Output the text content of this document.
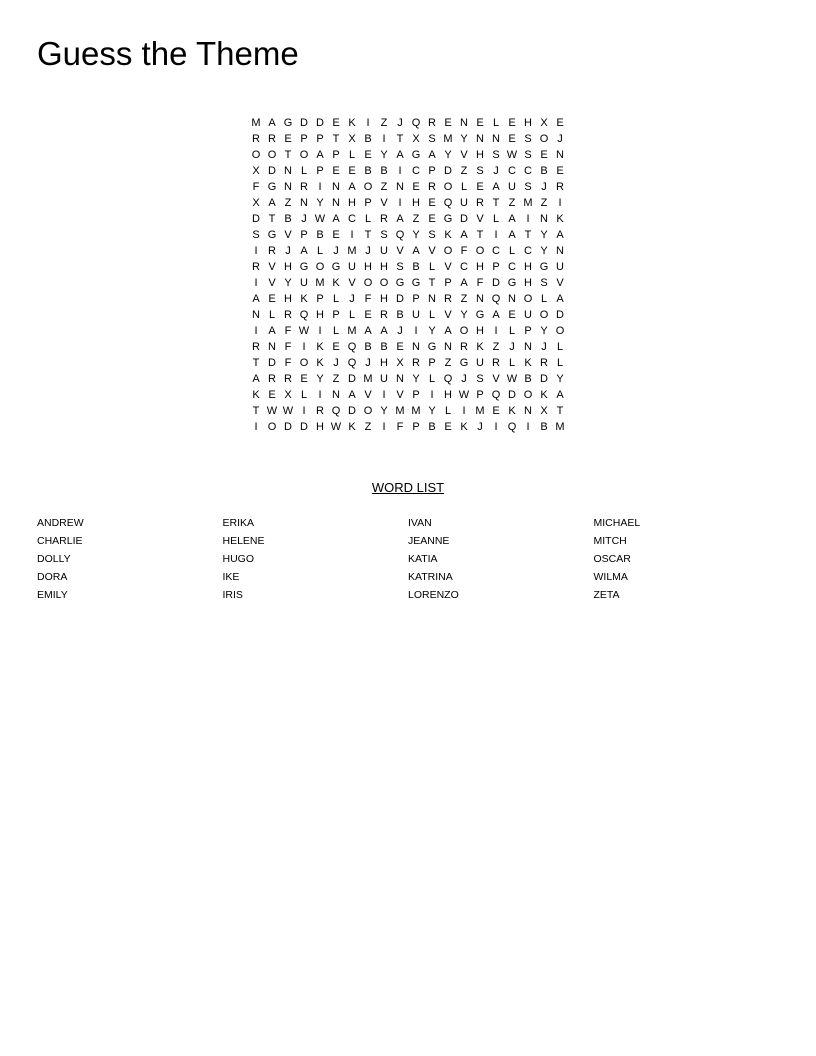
Guess the Theme
M A G D D E K I	Z J Q R E N E L E H X E
R R E P P T X B I	T X S M Y N N E S O J
O O T O A P L E Y A G A Y V H S W S E N
X D N L P E E B B I C P D Z S J C C B E
F G N R I N A O Z N E R O L E A U S J R
X A Z N Y N H P V I H E Q U R T Z M Z	I
D T B J W A C L R A Z E G D V L A I N K
S G V P B E I	T S Q Y S K A T	I A T Y A
I R J A L J M J U V A V O F O C L C Y N
R V H G O G U H H S B L V C H P C H G U
I V Y U M K V O O G G T P A F D G H S V
A E H K P L J F H D P N R Z N Q N O L A
N L R Q H P L E R B U L V Y G A E U O D
I A F W I	L M A A J	I Y A O H I	L P Y O
R N F	I K E Q B B E N G N R K Z J N J L
T D F O K J Q J H X R P Z G U R L K R L
A R R E Y Z D M U N Y L Q J S V W B D Y
K E X L	I N A V I V P I H W P Q D O K A
T W W I R Q D O Y M M Y L	I M E K N X T
I O D D H W K Z	I	F P B E K J	I Q I B M
WORD LIST
ANDREW
CHARLIE
DOLLY
DORA
EMILY
ERIKA
HELENE
HUGO
IKE
IRIS
IVAN
JEANNE
KATIA
KATRINA
LORENZO
MICHAEL
MITCH
OSCAR
WILMA
ZETA
